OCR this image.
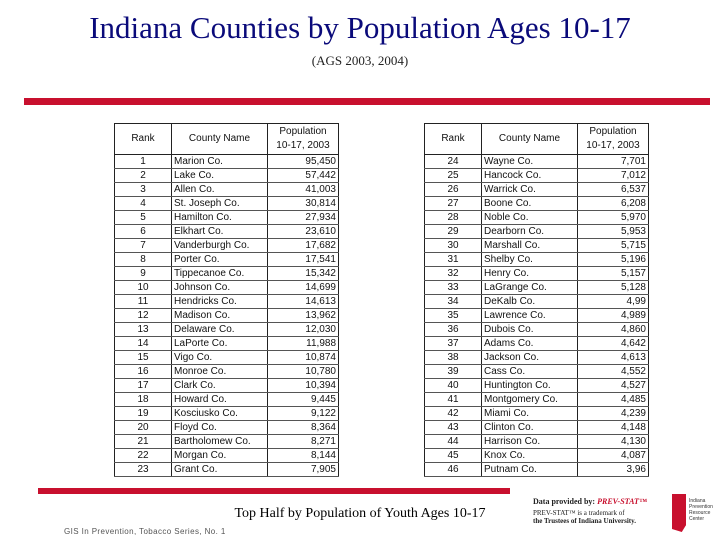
Indiana Counties by Population Ages 10-17
(AGS 2003, 2004)
Rank	County Name	Population
10-17, 2003
1	Marion Co.	95,450
2	Lake Co.	57,442
3	Allen Co.	41,003
4	St. Joseph Co.	30,814
5	Hamilton Co.	27,934
6	Elkhart Co.	23,610
7	Vanderburgh Co.	17,682
8	Porter Co.	17,541
9	Tippecanoe Co.	15,342
10	Johnson Co.	14,699
11	Hendricks Co.	14,613
12	Madison Co.	13,962
13	Delaware Co.	12,030
14	LaPorte Co.	11,988
15	Vigo Co.	10,874
16	Monroe Co.	10,780
17	Clark Co.	10,394
18	Howard Co.	9,445
19	Kosciusko Co.	9,122
20	Floyd Co.	8,364
21	Bartholomew Co.	8,271
22	Morgan Co.	8,144
23	Grant Co.	7,905
Rank	County Name	Population
10-17, 2003
24	Wayne Co.	7,701
25	Hancock Co.	7,012
26	Warrick Co.	6,537
27	Boone Co.	6,208
28	Noble Co.	5,970
29	Dearborn Co.	5,953
30	Marshall Co.	5,715
31	Shelby Co.	5,196
32	Henry Co.	5,157
33	LaGrange Co.	5,128
34	DeKalb Co.	4,99
35	Lawrence Co.	4,989
36	Dubois Co.	4,860
37	Adams Co.	4,642
38	Jackson Co.	4,613
39	Cass Co.	4,552
40	Huntington Co.	4,527
41	Montgomery Co.	4,485
42	Miami Co.	4,239
43	Clinton Co.	4,148
44	Harrison Co.	4,130
45	Knox Co.	4,087
46	Putnam Co.	3,96
Top Half by Population of Youth Ages 10-17
GIS In Prevention, Tobacco Series, No. 1
Data provided by: PREV-STAT™
PREV-STAT™ is a trademark of
the Trustees of Indiana University.
Indiana
Prevention
Resource
Center
